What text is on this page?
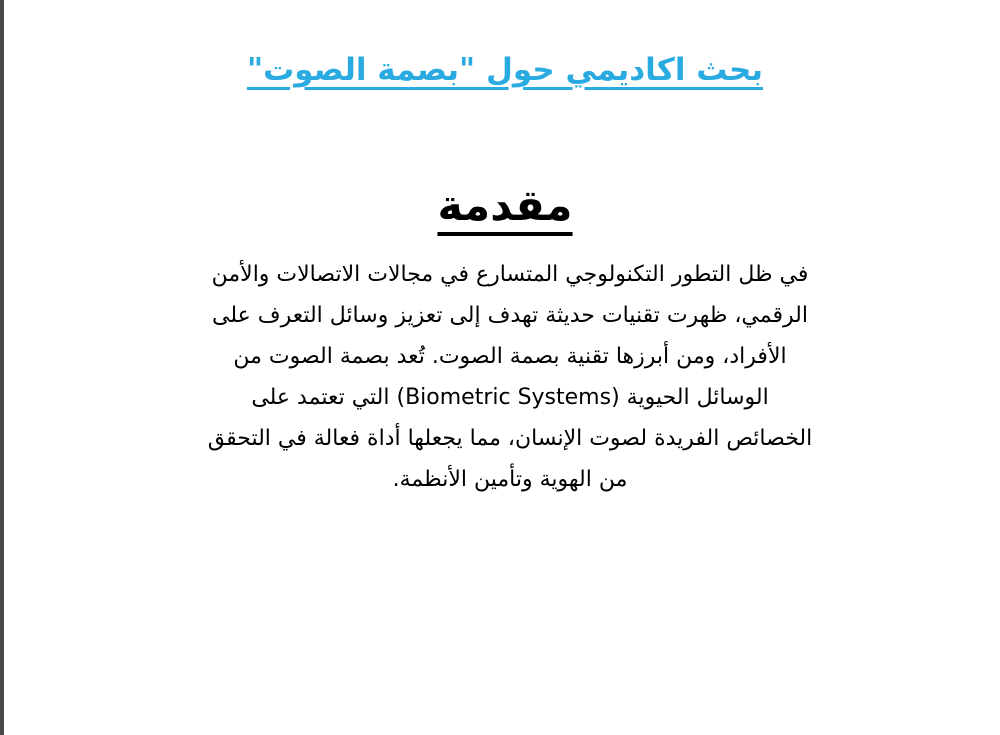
بحث اكاديمي حول "بصمة الصوت"
مقدمة
في ظل التطور التكنولوجي المتسارع في مجالات الاتصالات والأمن
الرقمي، ظهرت تقنيات حديثة تهدف إلى تعزيز وسائل التعرف على
الأفراد، ومن أبرزها تقنية بصمة الصوت. تُعد بصمة الصوت من
الوسائل الحيوية (Biometric Systems) التي تعتمد على
الخصائص الفريدة لصوت الإنسان، مما يجعلها أداة فعالة في التحقق
من الهوية وتأمين الأنظمة.
